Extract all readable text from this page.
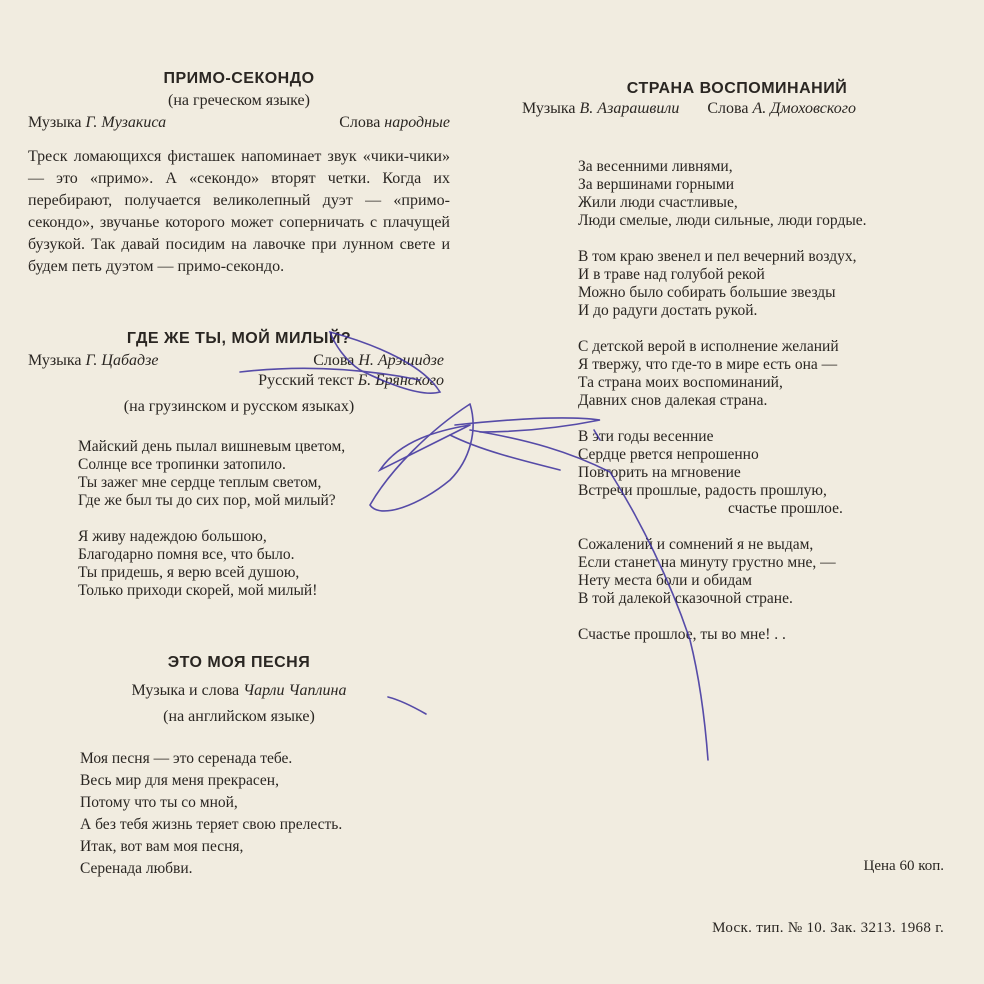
ПРИМО-СЕКОНДО

(на греческом языке)

Музыка Г. Музакиса	Слова народные

Треск ломающихся фисташек напоминает звук «чики-чики» — это «примо». А «секондо» вторят четки. Когда их перебирают, получается великолепный дуэт — «примо-секондо», звучанье которого может соперничать с плачущей бузукой. Так давай посидим на лавочке при лунном свете и будем петь дуэтом — примо-секондо.

ГДЕ ЖЕ ТЫ, МОЙ МИЛЫЙ?
Музыка Г. Цабадзе	Слова Н. Арэшидзе
Русский текст Б. Брянского

(на грузинском и русском языках)

Майский день пылал вишневым цветом,
Солнце все тропинки затопило.
Ты зажег мне сердце теплым светом,
Где же был ты до сих пор, мой милый?
Я живу надеждою большою,
Благодарно помня все, что было.
Ты придешь, я верю всей душою,
Только приходи скорей, мой милый!
ЭТО МОЯ ПЕСНЯ

Музыка и слова Чарли Чаплина

(на английском языке)

Моя песня — это серенада тебе.
Весь мир для меня прекрасен,
Потому что ты со мной,
А без тебя жизнь теряет свою прелесть.
Итак, вот вам моя песня,
Серенада любви.
СТРАНА ВОСПОМИНАНИЙ
Музыка В. Азарашвили Слова А. Дмоховского
За весенними ливнями,
За вершинами горными
Жили люди счастливые,
Люди смелые, люди сильные, люди гордые.
В том краю звенел и пел вечерний воздух,
И в траве над голубой рекой
Можно было собирать большие звезды
И до радуги достать рукой.
С детской верой в исполнение желаний
Я твержу, что где-то в мире есть она —
Та страна моих воспоминаний,
Давних снов далекая страна.
В эти годы весенние
Сердце рвется непрошенно
Повторить на мгновение
Встречи прошлые, радость прошлую,
счастье прошлое.
Сожалений и сомнений я не выдам,
Если станет на минуту грустно мне, —
Нету места боли и обидам
В той далекой сказочной стране.
Счастье прошлое, ты во мне! . .
Цена 60 коп.
Моск. тип. № 10. Зак. 3213. 1968 г.
